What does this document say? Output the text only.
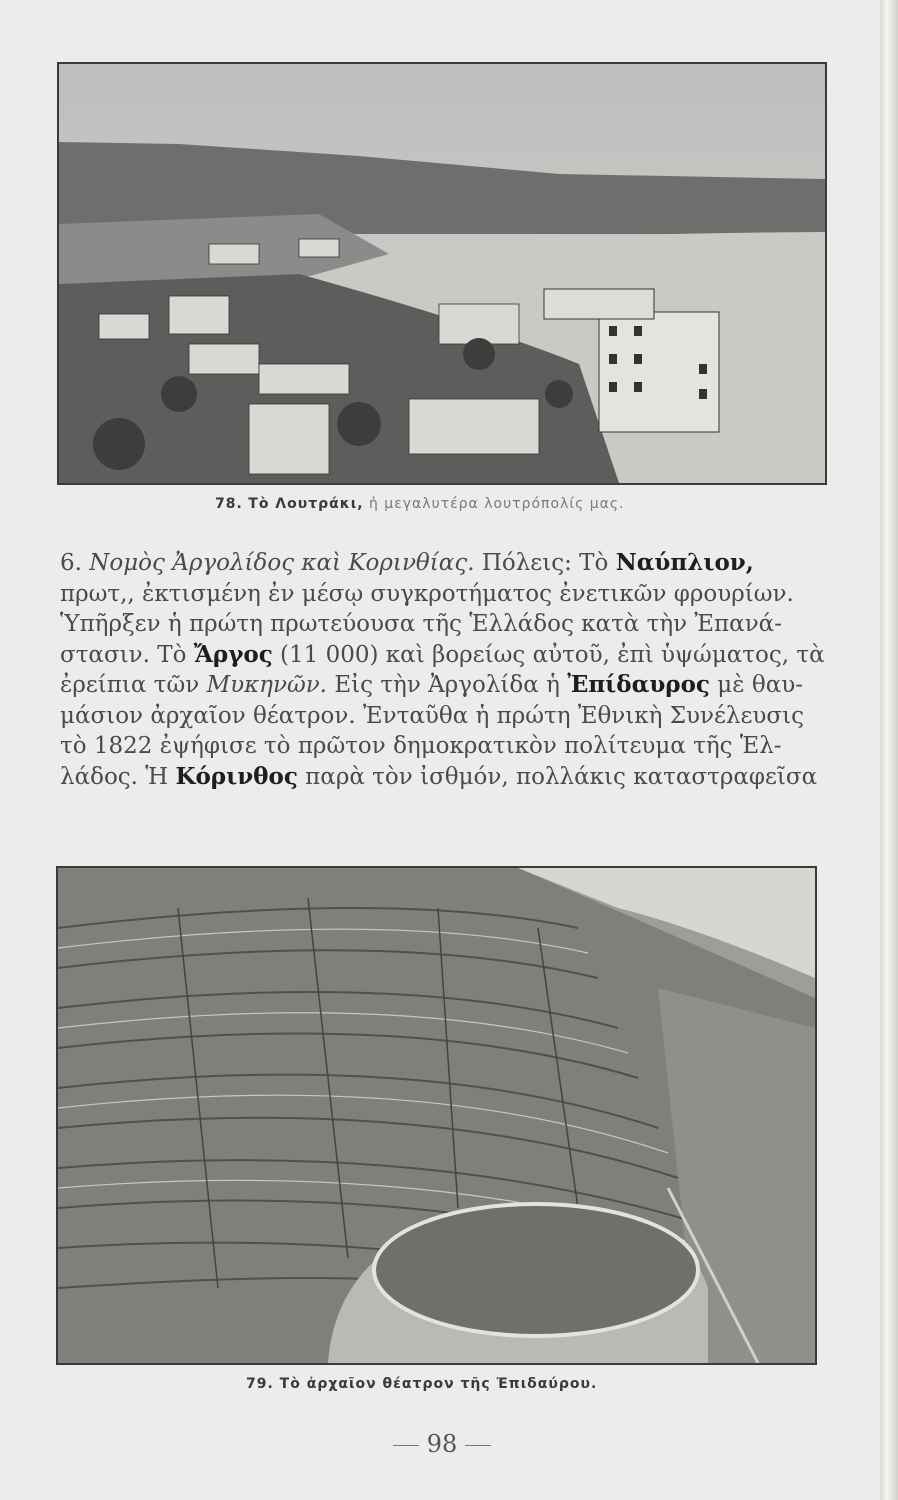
78. Τὸ Λουτράκι, ἡ μεγαλυτέρα λουτρόπολίς μας.
6. Νομὸς Ἀργολίδος καὶ Κορινθίας. Πόλεις: Τὸ Ναύπλιον,
πρωτ,, ἐκτισμένη ἐν μέσῳ συγκροτήματος ἐνετικῶν φρουρίων.
Ὑπῆρξεν ἡ πρώτη πρωτεύουσα τῆς Ἑλλάδος κατὰ τὴν Ἐπανά-
στασιν. Τὸ Ἄργος (11 000) καὶ βορείως αὐτοῦ, ἐπὶ ὑψώματος, τὰ
ἐρείπια τῶν Μυκηνῶν. Εἰς τὴν Ἀργολίδα ἡ Ἐπίδαυρος μὲ θαυ-
μάσιον ἀρχαῖον θέατρον. Ἐνταῦθα ἡ πρώτη Ἐθνικὴ Συνέλευσις
τὸ 1822 ἐψήφισε τὸ πρῶτον δημοκρατικὸν πολίτευμα τῆς Ἑλ-
λάδος. Ἡ Κόρινθος παρὰ τὸν ἰσθμόν, πολλάκις καταστραφεῖσα
79. Τὸ ἀρχαῖον θέατρον τῆς Ἐπιδαύρου.
98
